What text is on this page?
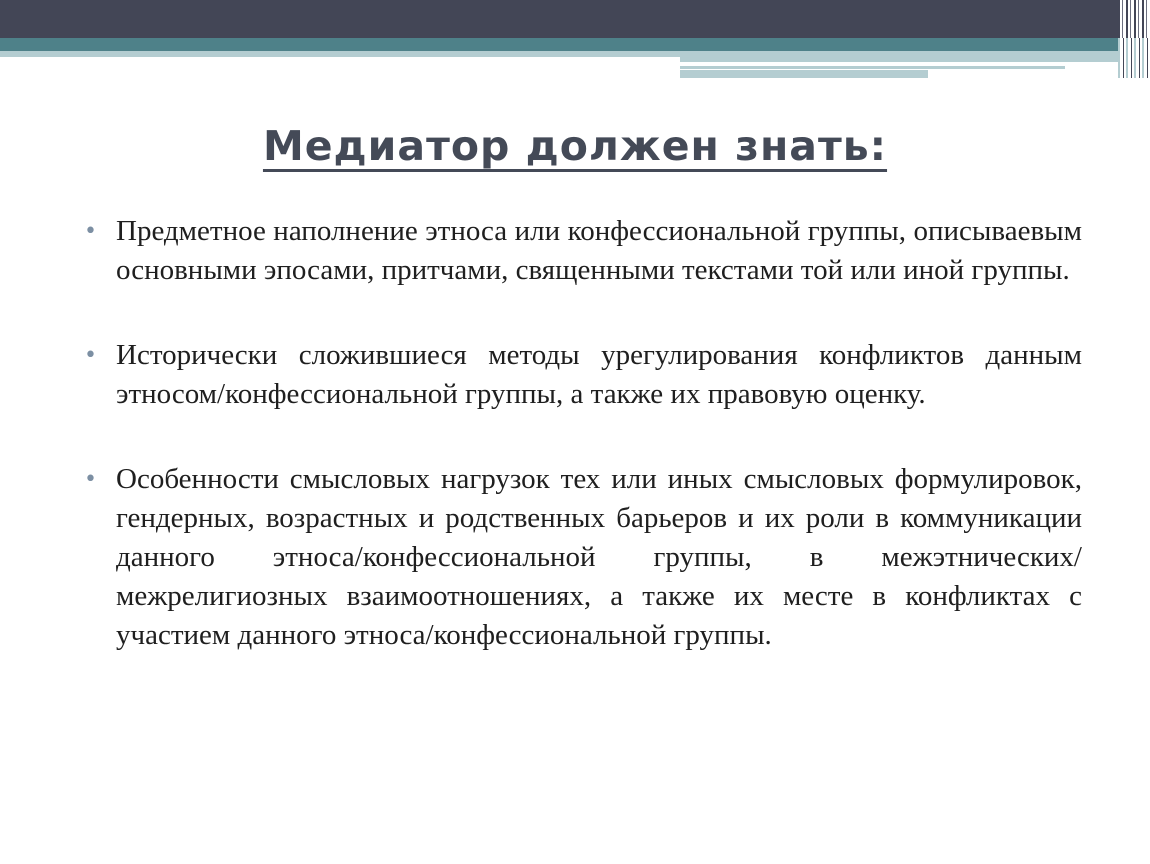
Медиатор должен знать:
• Предметное наполнение этноса или конфессиональной группы, описываевым основными эпосами, притчами, священными текстами той или иной группы.
• Исторически сложившиеся методы урегулирования конфликтов данным этносом/конфессиональной группы, а также их правовую оценку.
• Особенности смысловых нагрузок тех или иных смысловых формулировок, гендерных, возрастных и родственных барьеров и их роли в коммуникации данного этноса/конфессиональной группы, в межэтнических/межрелигиозных взаимоотношениях, а также их месте в конфликтах с участием данного этноса/конфессиональной группы.
